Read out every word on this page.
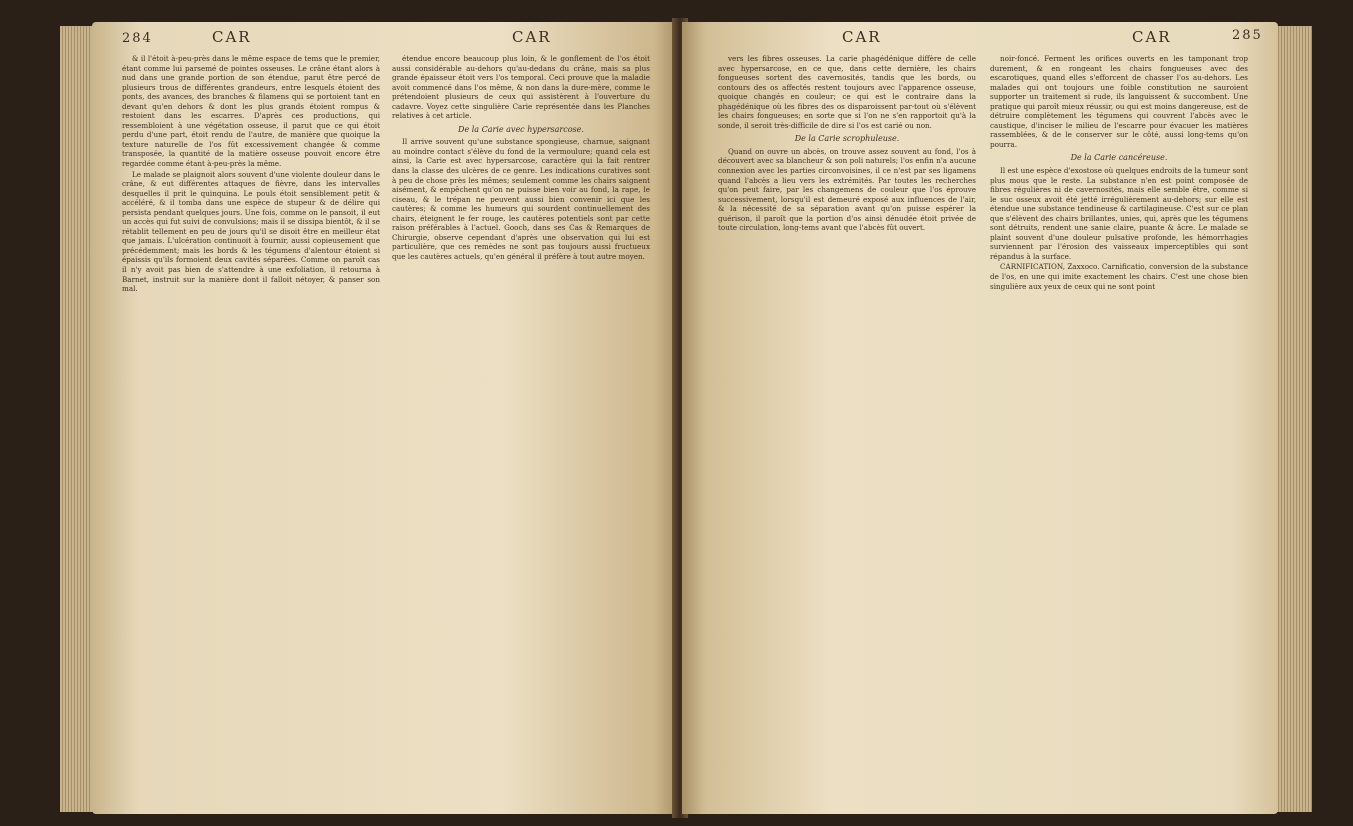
284	CAR	CAR

& il l'étoit à-peu-près dans le même espace de tems que le premier, étant comme lui parsemé de pointes osseuses. Le crâne étant alors à nud dans une grande portion de son étendue, parut être percé de plusieurs trous de différentes grandeurs, entre lesquels étoient des ponts, des avances, des branches & filamens qui se portoient tant en devant qu'en dehors & dont les plus grands étoient rompus & restoient dans les escarres. D'après ces productions, qui ressembloient à une végétation osseuse, il parut que ce qui étoit perdu d'une part, étoit rendu de l'autre, de manière que quoique la texture naturelle de l'os fût excessivement changée & comme transposée, la quantité de la matière osseuse pouvoit encore être regardée comme étant à-peu-près la même.

Le malade se plaignoit alors souvent d'une violente douleur dans le crâne, & eut différentes attaques de fièvre, dans les intervalles desquelles il prit le quinquina. Le pouls étoit sensiblement petit & accéléré, & il tomba dans une espèce de stupeur & de délire qui persista pendant quelques jours. Une fois, comme on le pansoit, il eut un accès qui fut suivi de convulsions; mais il se dissipa bientôt, & il se rétablit tellement en peu de jours qu'il se disoit être en meilleur état que jamais. L'ulcération continuoit à fournir, aussi copieusement que précédemment; mais les bords & les tégumens d'alentour étoient si épaissis qu'ils formoient deux cavités séparées. Comme on paroît cas il n'y avoit pas bien de s'attendre à une exfoliation, il retourna à Barnet, instruit sur la manière dont il falloit nétoyer, & panser son mal.

étendue encore beaucoup plus loin, & le gonflement de l'os étoit aussi considérable au-dehors qu'au-dedans du crâne, mais sa plus grande épaisseur étoit vers l'os temporal. Ceci prouve que la maladie avoit commencé dans l'os même, & non dans la dure-mère, comme le prétendoient plusieurs de ceux qui assistèrent à l'ouverture du cadavre. Voyez cette singulière Carie représentée dans les Planches relatives à cet article.

De la Carie avec hypersarcose.

Il arrive souvent qu'une substance spongieuse, charnue, saignant au moindre contact s'élève du fond de la vermoulure; quand cela est ainsi, la Carie est avec hypersarcose, caractère qui la fait rentrer dans la classe des ulcères de ce genre. Les indications curatives sont à peu de chose près les mêmes; seulement comme les chairs saignent aisément, & empêchent qu'on ne puisse bien voir au fond, la rape, le ciseau, & le trépan ne peuvent aussi bien convenir ici que les cautères; & comme les humeurs qui sourdent continuellement des chairs, éteignent le fer rouge, les cautères potentiels sont par cette raison préférables à l'actuel. Gooch, dans ses Cas & Remarques de Chirurgie, observe cependant d'après une observation qui lui est particulière, que ces remèdes ne sont pas toujours aussi fructueux que les cautères actuels, qu'en général il préfère à tout autre moyen.

CAR	CAR	285

vers les fibres osseuses. La carie phagédénique diffère de celle avec hypersarcose, en ce que, dans cette dernière, les chairs fongueuses sortent des cavernosités, tandis que les bords, ou contours des os affectés restent toujours avec l'apparence osseuse, quoique changés en couleur; ce qui est le contraire dans la phagédénique où les fibres des os disparoissent par-tout où s'élèvent les chairs fongueuses; en sorte que si l'on ne s'en rapportoit qu'à la sonde, il seroit très-difficile de dire si l'os est carié ou non.

De la Carie scrophuleuse.

Quand on ouvre un abcès, on trouve assez souvent au fond, l'os à découvert avec sa blancheur & son poli naturels; l'os enfin n'a aucune connexion avec les parties circonvoisines, il ce n'est par ses ligamens quand l'abcès a lieu vers les extrémités. Par toutes les recherches qu'on peut faire, par les changemens de couleur que l'os éprouve successivement, lorsqu'il est demeuré exposé aux influences de l'air, & la nécessité de sa séparation avant qu'on puisse espérer la guérison, il paroît que la portion d'os ainsi dénudée étoit privée de toute circulation, long-tems avant que l'abcès fût ouvert.

noir-foncé. Ferment les orifices ouverts en les tamponant trop durement, & en rongeant les chairs fongueuses avec des escarotiques, quand elles s'efforcent de chasser l'os au-dehors. Les malades qui ont toujours une foible constitution ne sauroient supporter un traitement si rude, ils languissent & succombent. Une pratique qui paroît mieux réussir, ou qui est moins dangereuse, est de détruire complètement les tégumens qui couvrent l'abcès avec le caustique, d'inciser le milieu de l'escarre pour évacuer les matières rassemblées, & de le conserver sur le côté, aussi long-tems qu'on pourra.

De la Carie cancéreuse.

Il est une espèce d'exostose où quelques endroits de la tumeur sont plus mous que le reste. La substance n'en est point composée de fibres régulières ni de cavernosités, mais elle semble être, comme si le suc osseux avoit été jetté irrégulièrement au-dehors; sur elle est étendue une substance tendineuse & cartilagineuse. C'est sur ce plan que s'élèvent des chairs brillantes, unies, qui, après que les tégumens sont détruits, rendent une sanie claire, puante & âcre. Le malade se plaint souvent d'une douleur pulsative profonde, les hémorrhagies surviennent par l'érosion des vaisseaux imperceptibles qui sont répandus à la surface.

CARNIFICATION, Zaxxoco. Carnificatio, conversion de la substance de l'os, en une qui imite exactement les chairs. C'est une chose bien singulière aux yeux de ceux qui ne sont point
